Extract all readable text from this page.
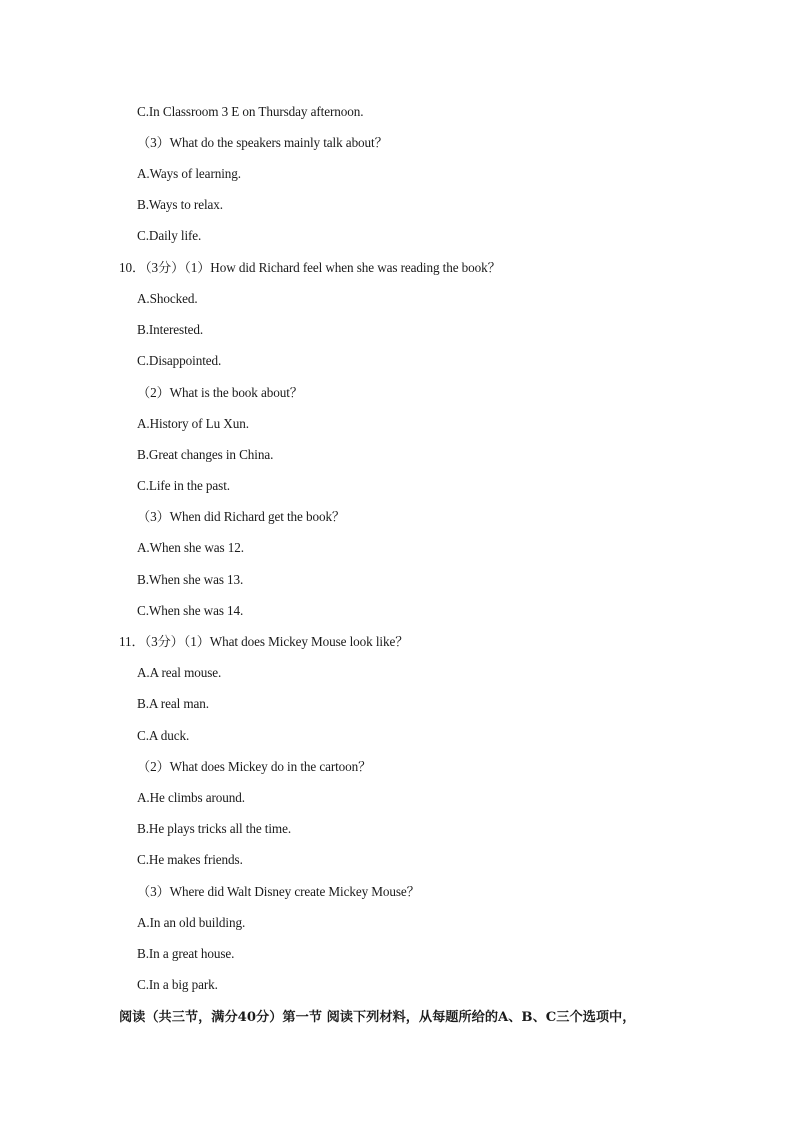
C.In Classroom 3 E on Thursday afternoon.
（3）What do the speakers mainly talk about？
A.Ways of learning.
B.Ways to relax.
C.Daily life.
10．（3分）（1）How did Richard feel when she was reading the book？
A.Shocked.
B.Interested.
C.Disappointed.
（2）What is the book about？
A.History of Lu Xun.
B.Great changes in China.
C.Life in the past.
（3）When did Richard get the book？
A.When she was 12.
B.When she was 13.
C.When she was 14.
11．（3分）（1）What does Mickey Mouse look like？
A.A real mouse.
B.A real man.
C.A duck.
（2）What does Mickey do in the cartoon？
A.He climbs around.
B.He plays tricks all the time.
C.He makes friends.
（3）Where did Walt Disney create Mickey Mouse？
A.In an old building.
B.In a great house.
C.In a big park.
阅读（共三节，满分40分）第一节 阅读下列材料，从每题所给的A、B、C三个选项中，
